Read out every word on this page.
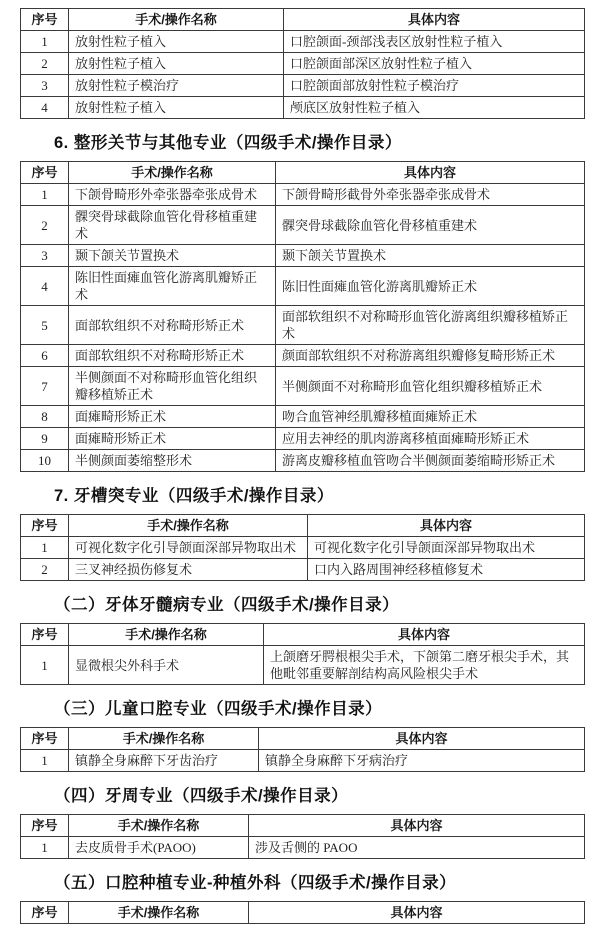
序号	手术/操作名称	具体内容
1	放射性粒子植入	口腔颌面-颈部浅表区放射性粒子植入
2	放射性粒子植入	口腔颌面部深区放射性粒子植入
3	放射性粒子模治疗	口腔颌面部放射性粒子模治疗
4	放射性粒子植入	颅底区放射性粒子植入
6. 整形关节与其他专业（四级手术/操作目录）
序号	手术/操作名称	具体内容
1	下颌骨畸形外牵张器牵张成骨术	下颌骨畸形截骨外牵张器牵张成骨术
2	髁突骨球截除血管化骨移植重建术	髁突骨球截除血管化骨移植重建术
3	颞下颌关节置换术	颞下颌关节置换术
4	陈旧性面瘫血管化游离肌瓣矫正术	陈旧性面瘫血管化游离肌瓣矫正术
5	面部软组织不对称畸形矫正术	面部软组织不对称畸形血管化游离组织瓣移植矫正术
6	面部软组织不对称畸形矫正术	颜面部软组织不对称游离组织瓣修复畸形矫正术
7	半侧颜面不对称畸形血管化组织瓣移植矫正术	半侧颜面不对称畸形血管化组织瓣移植矫正术
8	面瘫畸形矫正术	吻合血管神经肌瓣移植面瘫矫正术
9	面瘫畸形矫正术	应用去神经的肌肉游离移植面瘫畸形矫正术
10	半侧颜面萎缩整形术	游离皮瓣移植血管吻合半侧颜面萎缩畸形矫正术
7. 牙槽突专业（四级手术/操作目录）
序号	手术/操作名称	具体内容
1	可视化数字化引导颌面深部异物取出术	可视化数字化引导颌面深部异物取出术
2	三叉神经损伤修复术	口内入路周围神经移植修复术
（二）牙体牙髓病专业（四级手术/操作目录）
序号	手术/操作名称	具体内容
1	显微根尖外科手术	上颌磨牙腭根根尖手术，下颌第二磨牙根尖手术，其他毗邻重要解剖结构高风险根尖手术
（三）儿童口腔专业（四级手术/操作目录）
序号	手术/操作名称	具体内容
1	镇静全身麻醉下牙齿治疗	镇静全身麻醉下牙病治疗
（四）牙周专业（四级手术/操作目录）
序号	手术/操作名称	具体内容
1	去皮质骨手术(PAOO)	涉及舌侧的 PAOO
（五）口腔种植专业-种植外科（四级手术/操作目录）
序号	手术/操作名称	具体内容
